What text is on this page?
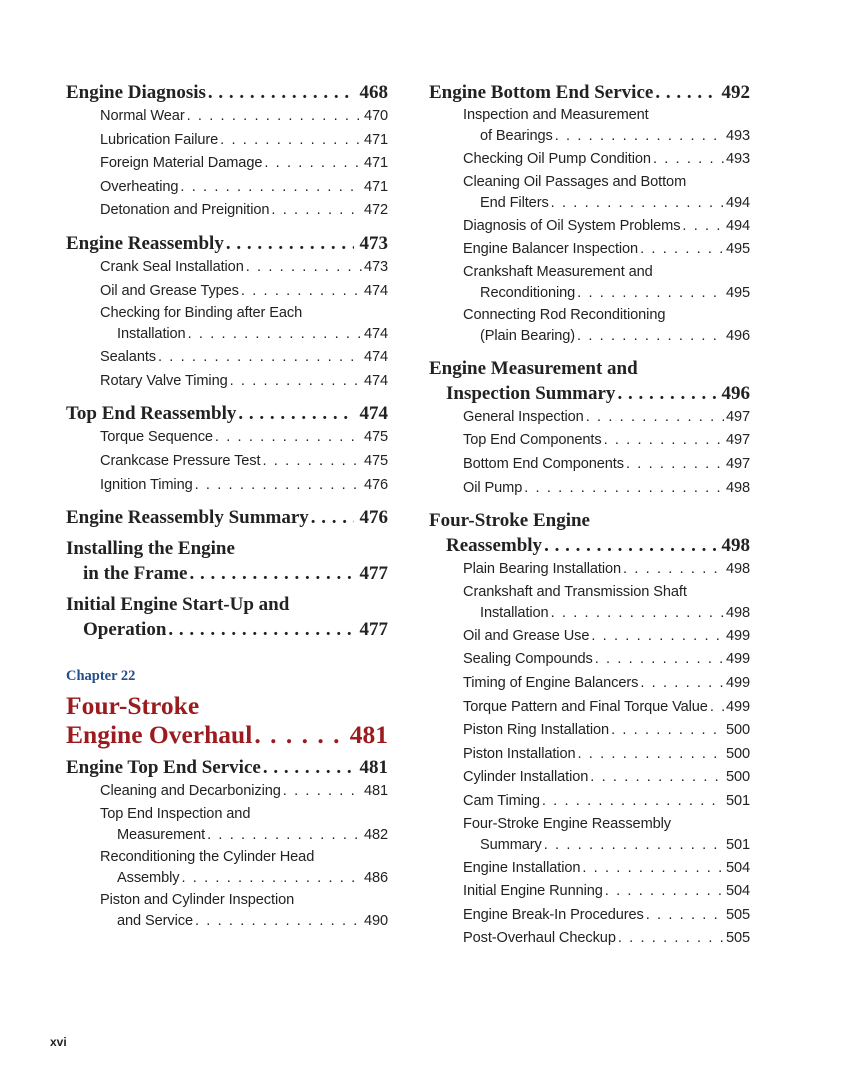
Engine Diagnosis . . .	468
Normal Wear . . .	470
Lubrication Failure . . .	471
Foreign Material Damage . . .	471
Overheating . . .	471
Detonation and Preignition . . .	472
Engine Reassembly . . .	473
Crank Seal Installation . . .	473
Oil and Grease Types . . .	474
Checking for Binding after Each
Installation . . .	474
Sealants . . .	474
Rotary Valve Timing . . .	474
Top End Reassembly . . .	474
Torque Sequence . . .	475
Crankcase Pressure Test . . .	475
Ignition Timing . . .	476
Engine Reassembly Summary . . .	476
Installing the Engine
in the Frame . . .	477
Initial Engine Start-Up and
Operation . . .	477
Chapter 22
Four-Stroke
Engine Overhaul . . .	481
Engine Top End Service . . .	481
Cleaning and Decarbonizing . . .	481
Top End Inspection and
Measurement . . .	482
Reconditioning the Cylinder Head
Assembly . . .	486
Piston and Cylinder Inspection
and Service . . .	490
Engine Bottom End Service . . .	492
Inspection and Measurement
of Bearings . . .	493
Checking Oil Pump Condition . . .	493
Cleaning Oil Passages and Bottom
End Filters . . .	494
Diagnosis of Oil System Problems . . .	494
Engine Balancer Inspection . . .	495
Crankshaft Measurement and
Reconditioning . . .	495
Connecting Rod Reconditioning
(Plain Bearing) . . .	496
Engine Measurement and
Inspection Summary . . .	496
General Inspection . . .	497
Top End Components . . .	497
Bottom End Components . . .	497
Oil Pump . . .	498
Four-Stroke Engine
Reassembly . . .	498
Plain Bearing Installation . . .	498
Crankshaft and Transmission Shaft
Installation . . .	498
Oil and Grease Use . . .	499
Sealing Compounds . . .	499
Timing of Engine Balancers . . .	499
Torque Pattern and Final Torque Value . . . 499
Piston Ring Installation . . .	500
Piston Installation . . .	500
Cylinder Installation . . .	500
Cam Timing . . .	501
Four-Stroke Engine Reassembly
Summary . . .	501
Engine Installation . . .	504
Initial Engine Running . . .	504
Engine Break-In Procedures . . .	505
Post-Overhaul Checkup . . .	505
xvi
